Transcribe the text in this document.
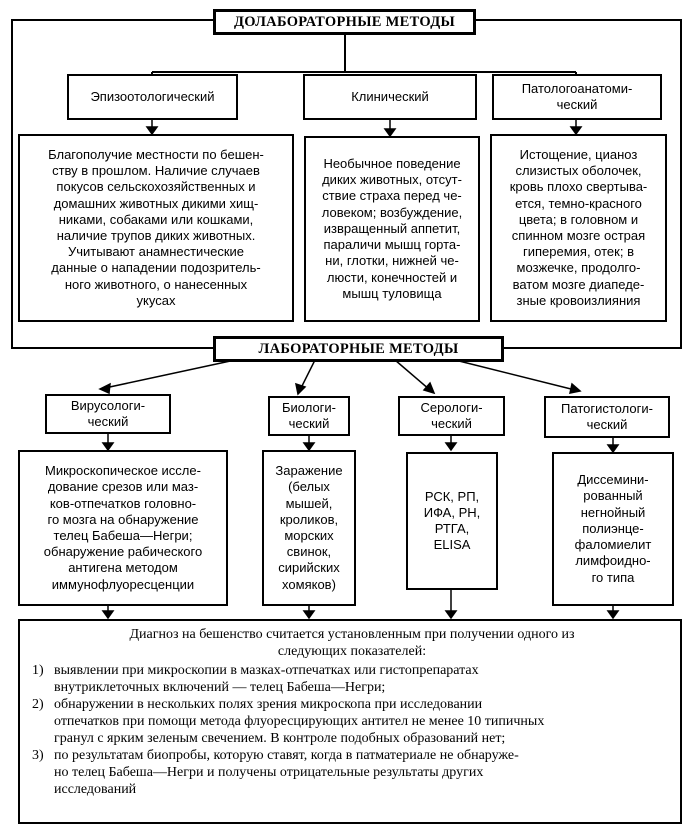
ДОЛАБОРАТОРНЫЕ МЕТОДЫ
Эпизоотологический	Клинический
Патологоанатоми-
ческий
Благополучие местности по бешен-
ству в прошлом. Наличие случаев
покусов сельскохозяйственных и
домашних животных дикими хищ-
никами, собаками или кошками,
наличие трупов диких животных.
Учитывают анамнестические
данные о нападении подозритель-
ного животного, о нанесенных
укусах
Необычное поведение
диких животных, отсут-
ствие страха перед че-
ловеком; возбуждение,
извращенный аппетит,
параличи мышц горта-
ни, глотки, нижней че-
люсти, конечностей и
мышц туловища
Истощение, цианоз
слизистых оболочек,
кровь плохо свертыва-
ется, темно-красного
цвета; в головном и
спинном мозге острая
гиперемия, отек; в
мозжечке, продолго-
ватом мозге диапеде-
зные кровоизлияния
ЛАБОРАТОРНЫЕ МЕТОДЫ
Вирусологи-
ческий
Биологи-
ческий
Серологи-
ческий
Патогистологи-
ческий
Микроскопическое иссле-
дование срезов или маз-
ков-отпечатков головно-
го мозга на обнаружение
телец Бабеша—Негри;
обнаружение рабического
антигена методом
иммунофлуоресценции
Заражение
(белых
мышей,
кроликов,
морских
свинок,
сирийских
хомяков)
РСК, РП,
ИФА, РН,
РТГА,
ELISA
Диссемини-
рованный
негнойный
полиэнце-
фаломиелит
лимфоидно-
го типа
Диагноз на бешенство считается установленным при получении одного из
следующих показателей:
1) выявлении при микроскопии в мазках-отпечатках или гистопрепаратах
внутриклеточных включений — телец Бабеша—Негри;
2) обнаружении в нескольких полях зрения микроскопа при исследовании
отпечатков при помощи метода флуоресцирующих антител не менее 10 типичных
гранул с ярким зеленым свечением. В контроле подобных образований нет;
3) по результатам биопробы, которую ставят, когда в патматериале не обнаруже-
но телец Бабеша—Негри и получены отрицательные результаты других
исследований
